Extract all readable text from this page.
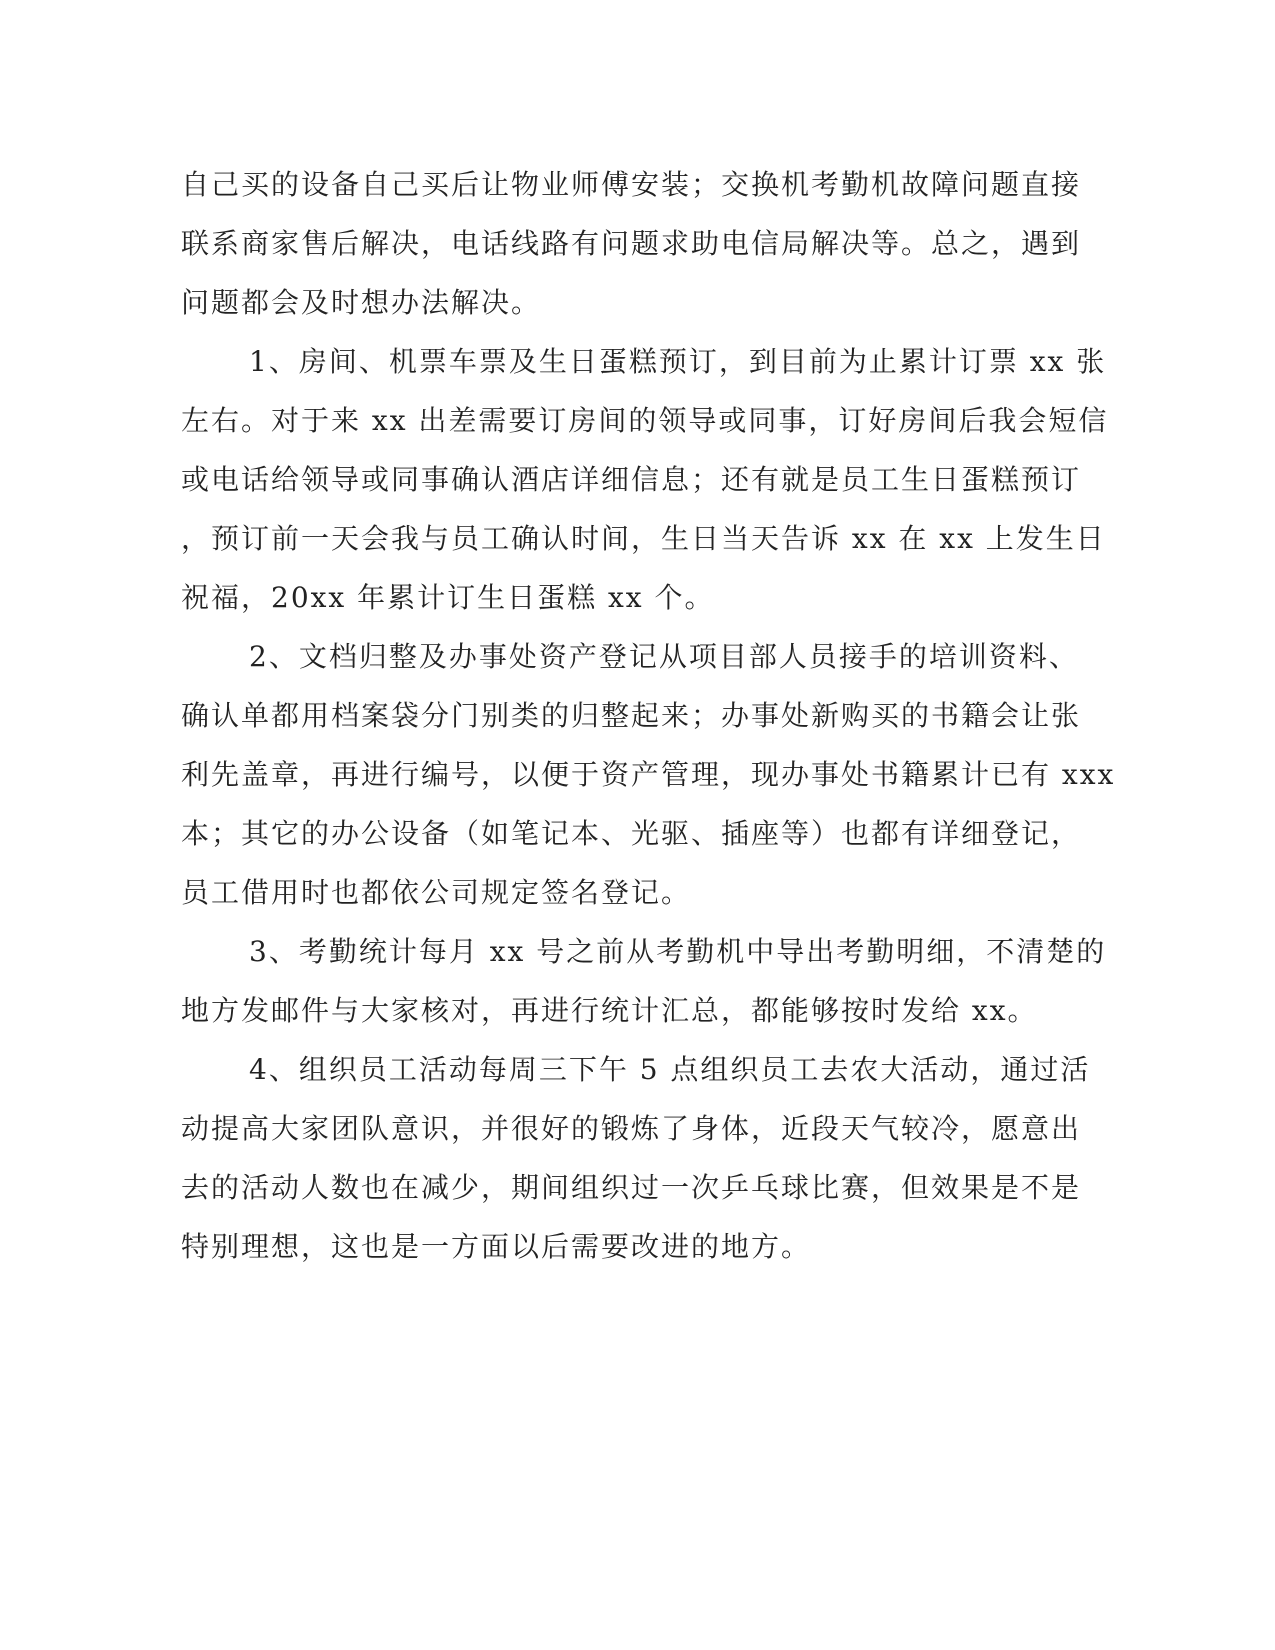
自己买的设备自己买后让物业师傅安装；交换机考勤机故障问题直接
联系商家售后解决，电话线路有问题求助电信局解决等。总之，遇到
问题都会及时想办法解决。
1、房间、机票车票及生日蛋糕预订，到目前为止累计订票 xx 张
左右。对于来 xx 出差需要订房间的领导或同事，订好房间后我会短信
或电话给领导或同事确认酒店详细信息；还有就是员工生日蛋糕预订
，预订前一天会我与员工确认时间，生日当天告诉 xx 在 xx 上发生日
祝福，20xx 年累计订生日蛋糕 xx 个。
2、文档归整及办事处资产登记从项目部人员接手的培训资料、
确认单都用档案袋分门别类的归整起来；办事处新购买的书籍会让张
利先盖章，再进行编号，以便于资产管理，现办事处书籍累计已有 xxx
本；其它的办公设备（如笔记本、光驱、插座等）也都有详细登记，
员工借用时也都依公司规定签名登记。
3、考勤统计每月 xx 号之前从考勤机中导出考勤明细，不清楚的
地方发邮件与大家核对，再进行统计汇总，都能够按时发给 xx。
4、组织员工活动每周三下午 5 点组织员工去农大活动，通过活
动提高大家团队意识，并很好的锻炼了身体，近段天气较冷，愿意出
去的活动人数也在减少，期间组织过一次乒乓球比赛，但效果是不是
特别理想，这也是一方面以后需要改进的地方。
